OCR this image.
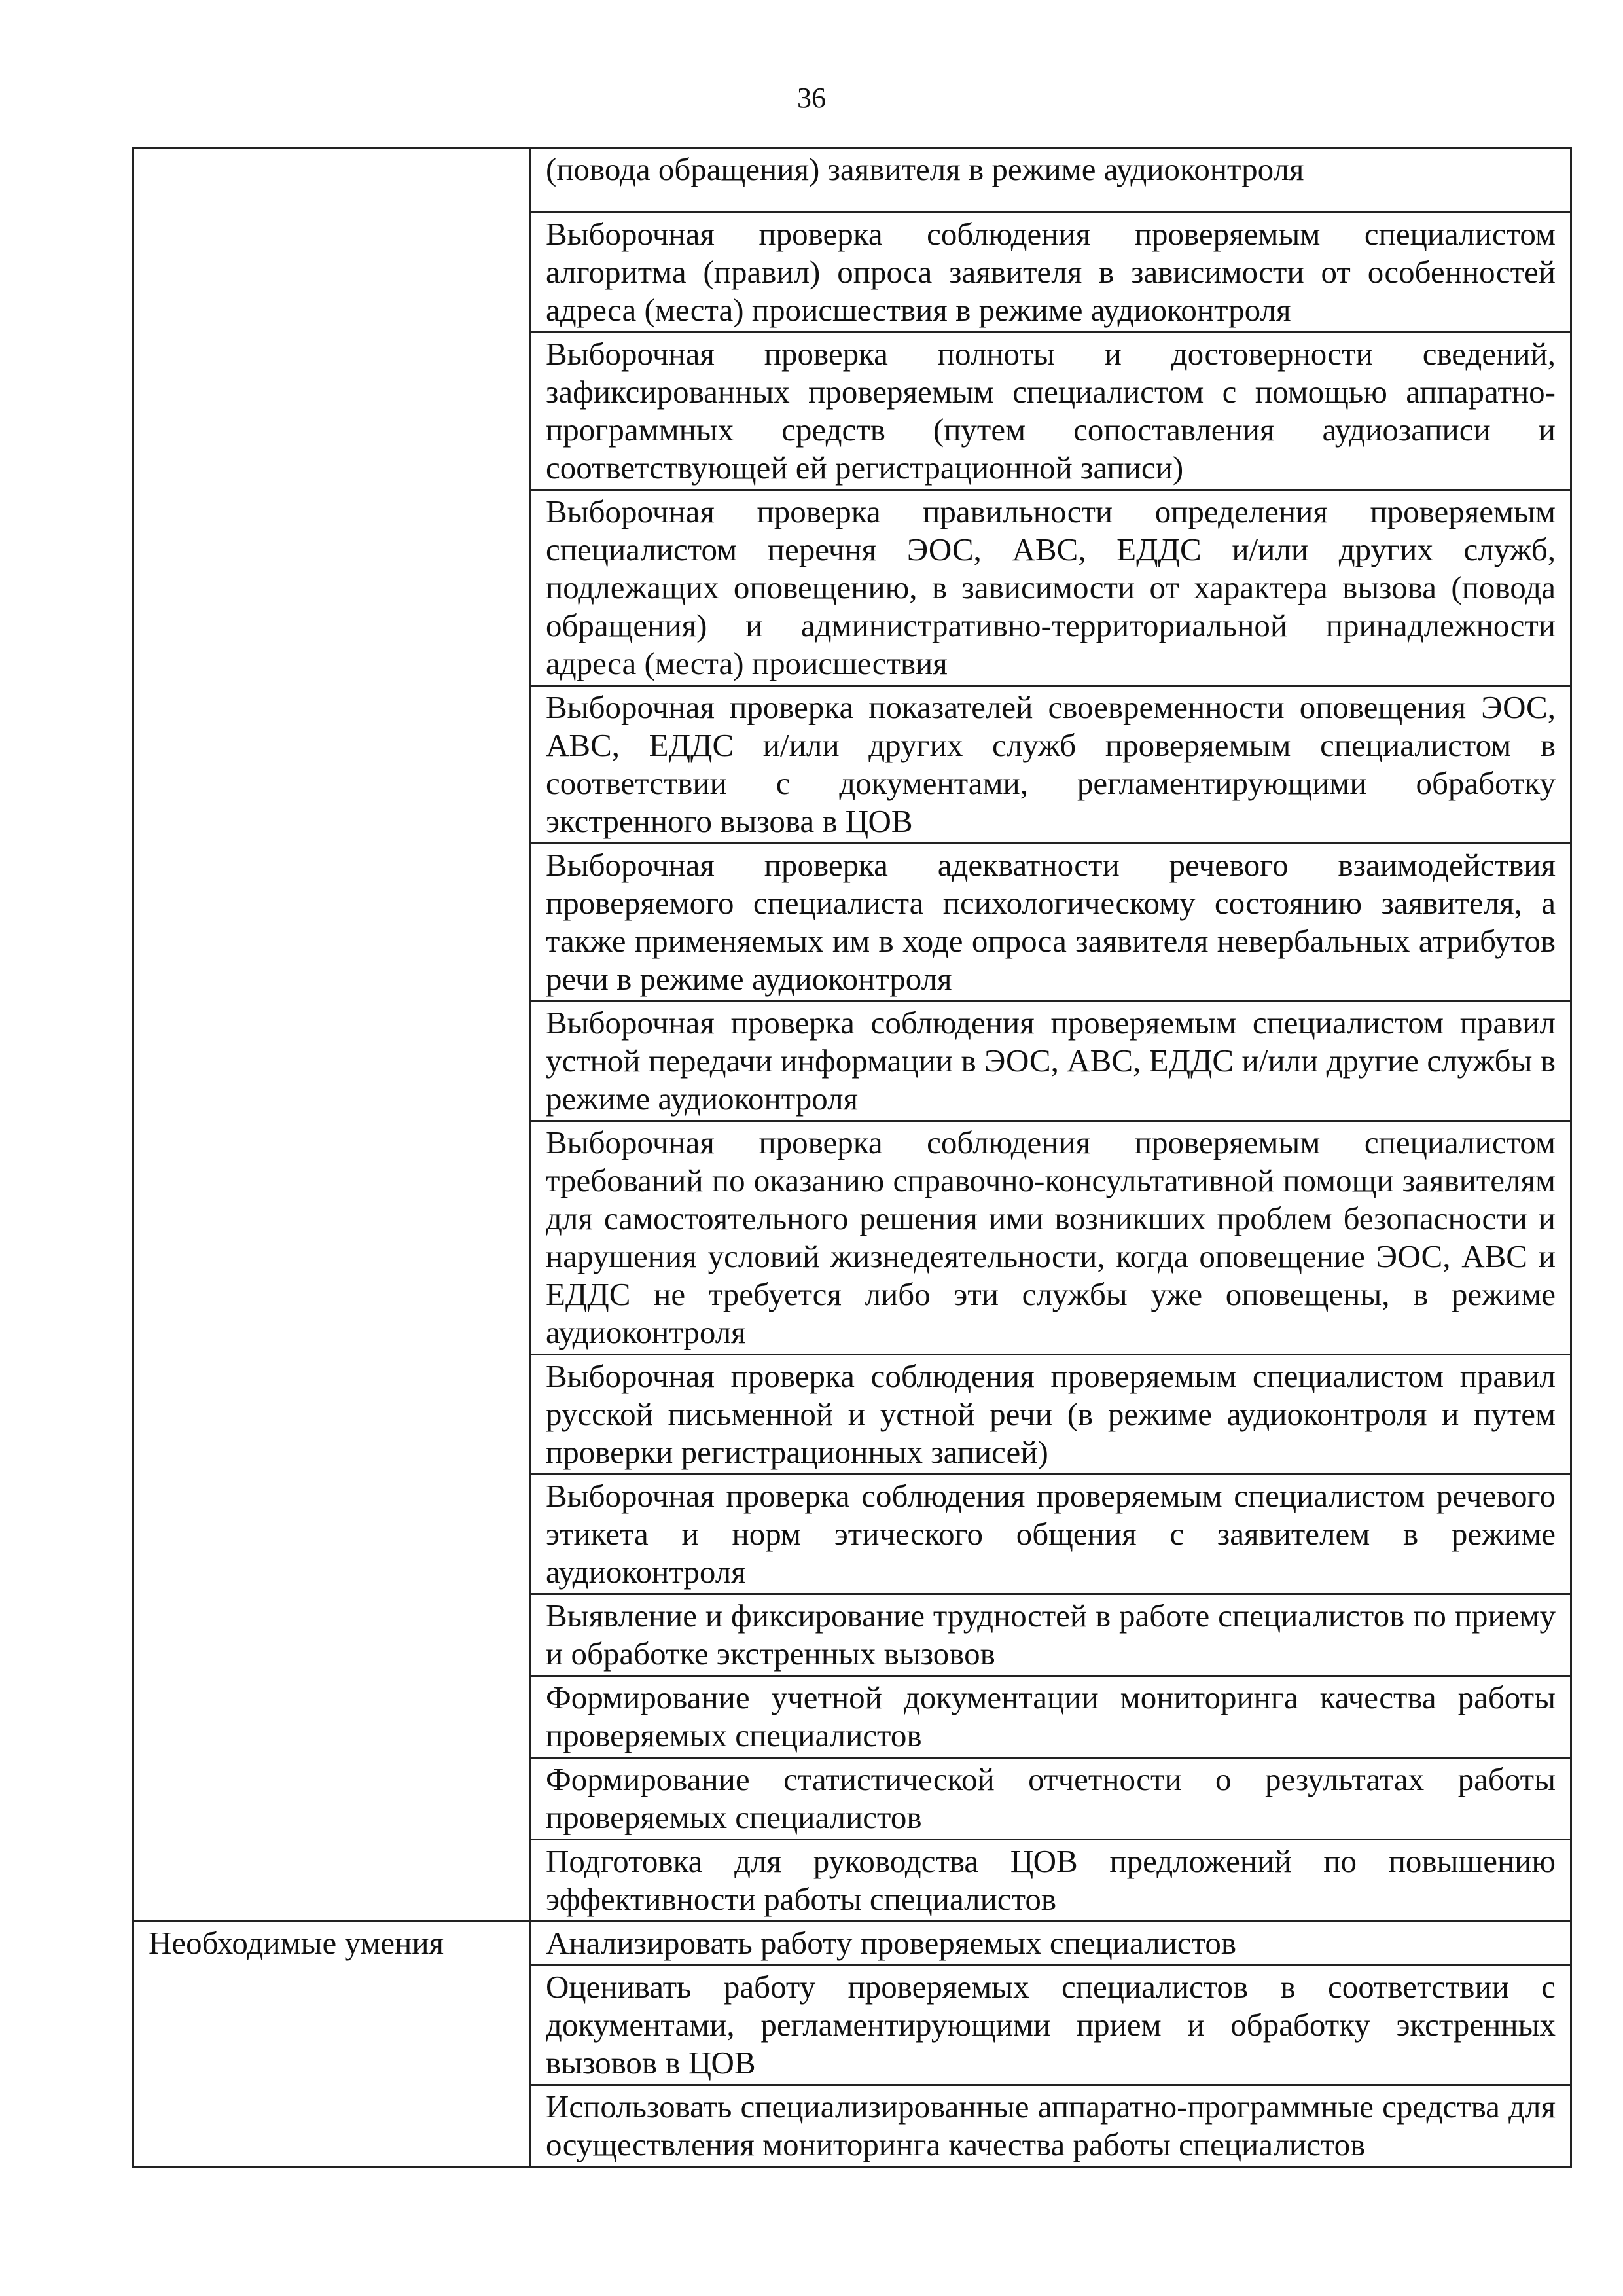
36
	(повода обращения) заявителя в режиме аудиоконтроля
	Выборочная проверка соблюдения проверяемым специалистом алгоритма (правил) опроса заявителя в зависимости от особенностей адреса (места) происшествия в режиме аудиоконтроля
	Выборочная проверка полноты и достоверности сведений, зафиксированных проверяемым специалистом с помощью аппаратно-программных средств (путем сопоставления аудиозаписи и соответствующей ей регистрационной записи)
	Выборочная проверка правильности определения проверяемым специалистом перечня ЭОС, АВС, ЕДДС и/или других служб, подлежащих оповещению, в зависимости от характера вызова (повода обращения) и административно-территориальной принадлежности адреса (места) происшествия
	Выборочная проверка показателей своевременности оповещения ЭОС, АВС, ЕДДС и/или других служб проверяемым специалистом в соответствии с документами, регламентирующими обработку экстренного вызова в ЦОВ
	Выборочная проверка адекватности речевого взаимодействия проверяемого специалиста психологическому состоянию заявителя, а также применяемых им в ходе опроса заявителя невербальных атрибутов речи в режиме аудиоконтроля
	Выборочная проверка соблюдения проверяемым специалистом правил устной передачи информации в ЭОС, АВС, ЕДДС и/или другие службы в режиме аудиоконтроля
	Выборочная проверка соблюдения проверяемым специалистом требований по оказанию справочно-консультативной помощи заявителям для самостоятельного решения ими возникших проблем безопасности и нарушения условий жизнедеятельности, когда оповещение ЭОС, АВС и ЕДДС не требуется либо эти службы уже оповещены, в режиме аудиоконтроля
	Выборочная проверка соблюдения проверяемым специалистом правил русской письменной и устной речи (в режиме аудиоконтроля и путем проверки регистрационных записей)
	Выборочная проверка соблюдения проверяемым специалистом речевого этикета и норм этического общения с заявителем в режиме аудиоконтроля
	Выявление и фиксирование трудностей в работе специалистов по приему и обработке экстренных вызовов
	Формирование учетной документации мониторинга качества работы проверяемых специалистов
	Формирование статистической отчетности о результатах работы проверяемых специалистов
	Подготовка для руководства ЦОВ предложений по повышению эффективности работы специалистов
Необходимые умения	Анализировать работу проверяемых специалистов
	Оценивать работу проверяемых специалистов в соответствии с документами, регламентирующими прием и обработку экстренных вызовов в ЦОВ
	Использовать специализированные аппаратно-программные средства для осуществления мониторинга качества работы специалистов
